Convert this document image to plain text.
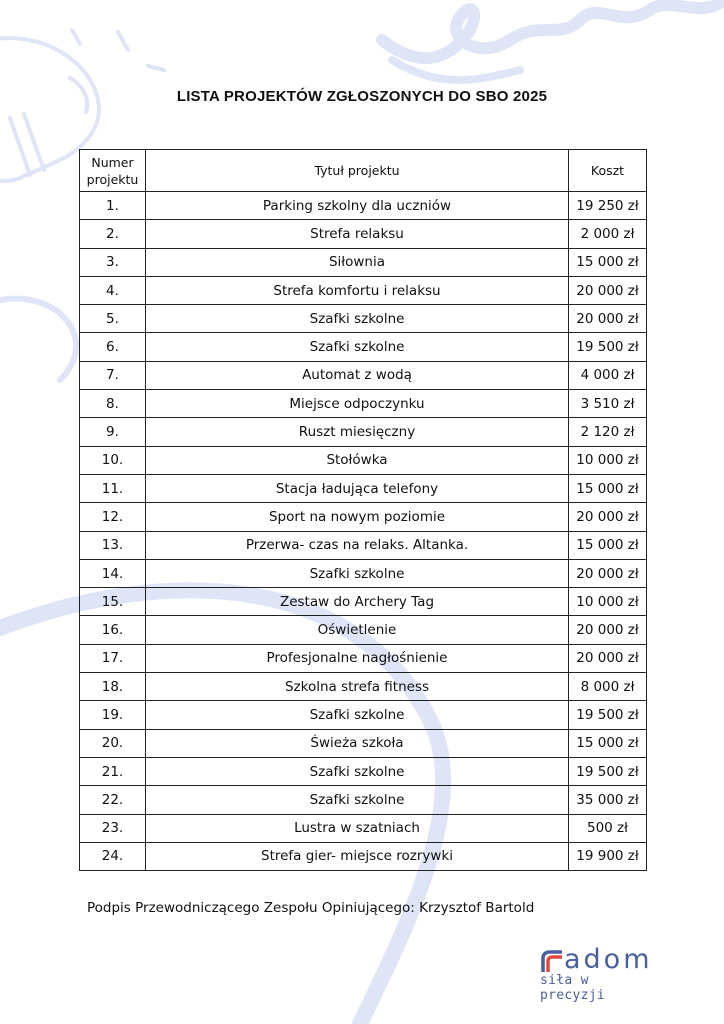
LISTA PROJEKTÓW ZGŁOSZONYCH DO SBO 2025
Numer
projektu	Tytuł projektu	Koszt
1.	Parking szkolny dla uczniów	19 250 zł
2.	Strefa relaksu	2 000 zł
3.	Siłownia	15 000 zł
4.	Strefa komfortu i relaksu	20 000 zł
5.	Szafki szkolne	20 000 zł
6.	Szafki szkolne	19 500 zł
7.	Automat z wodą	4 000 zł
8.	Miejsce odpoczynku	3 510 zł
9.	Ruszt miesięczny	2 120 zł
10.	Stołówka	10 000 zł
11.	Stacja ładująca telefony	15 000 zł
12.	Sport na nowym poziomie	20 000 zł
13.	Przerwa- czas na relaks. Altanka.	15 000 zł
14.	Szafki szkolne	20 000 zł
15.	Zestaw do Archery Tag	10 000 zł
16.	Oświetlenie	20 000 zł
17.	Profesjonalne nagłośnienie	20 000 zł
18.	Szkolna strefa fitness	8 000 zł
19.	Szafki szkolne	19 500 zł
20.	Świeża szkoła	15 000 zł
21.	Szafki szkolne	19 500 zł
22.	Szafki szkolne	35 000 zł
23.	Lustra w szatniach	500 zł
24.	Strefa gier- miejsce rozrywki	19 900 zł
Podpis Przewodniczącego Zespołu Opiniującego: Krzysztof Bartold
adom
siła w precyzji
